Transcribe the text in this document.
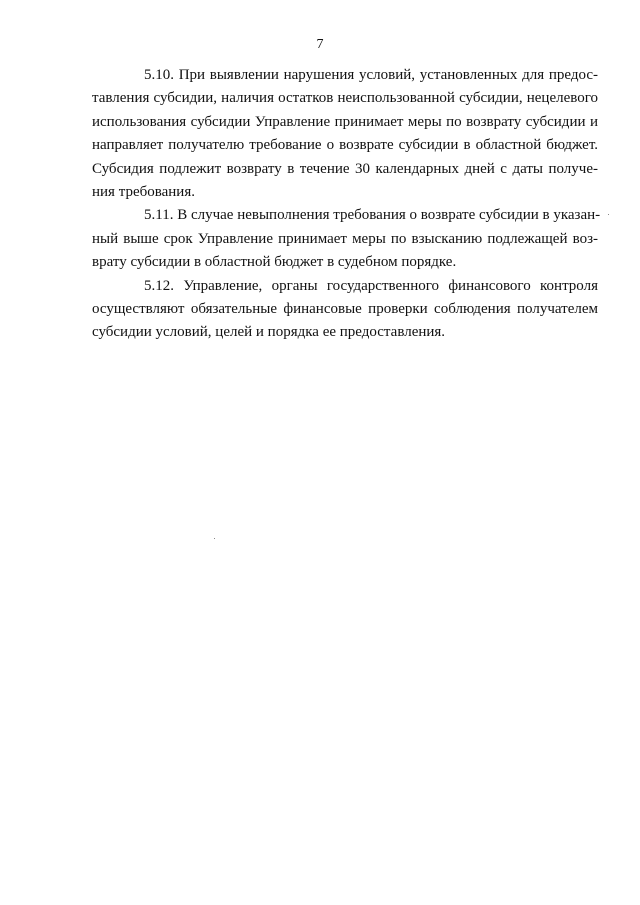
7

5.10. При выявлении нарушения условий, установленных для предос-
тавления субсидии, наличия остатков неиспользованной субсидии, нецелевого
использования субсидии Управление принимает меры по возврату субсидии и
направляет получателю требование о возврате субсидии в областной бюджет.
Субсидия подлежит возврату в течение 30 календарных дней с даты получе-
ния требования.

5.11. В случае невыполнения требования о возврате субсидии в указан-
ный выше срок Управление принимает меры по взысканию подлежащей воз-
врату субсидии в областной бюджет в судебном порядке.

5.12. Управление, органы государственного финансового контроля
осуществляют обязательные финансовые проверки соблюдения получателем
субсидии условий, целей и порядка ее предоставления.
